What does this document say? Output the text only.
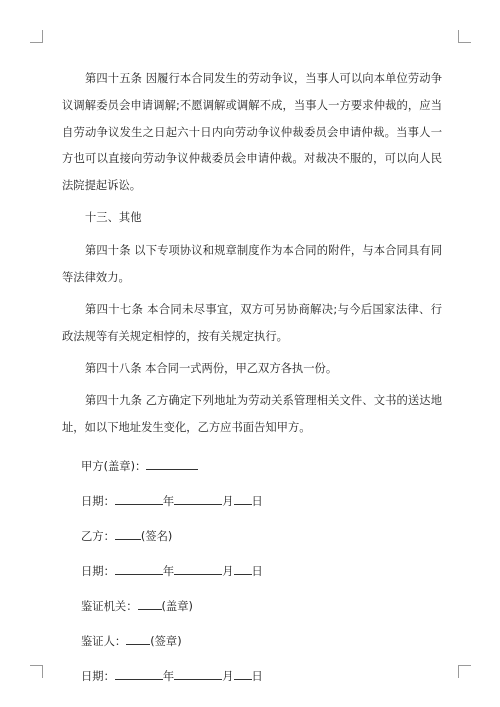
第四十五条 因履行本合同发生的劳动争议，当事人可以向本单位劳动争议调解委员会申请调解;不愿调解或调解不成，当事人一方要求仲裁的，应当自劳动争议发生之日起六十日内向劳动争议仲裁委员会申请仲裁。当事人一方也可以直接向劳动争议仲裁委员会申请仲裁。对裁决不服的，可以向人民法院提起诉讼。

十三、其他

第四十条 以下专项协议和规章制度作为本合同的附件，与本合同具有同等法律效力。

第四十七条 本合同未尽事宜，双方可另协商解决;与今后国家法律、行政法规等有关规定相悖的，按有关规定执行。

第四十八条 本合同一式两份，甲乙双方各执一份。

第四十九条 乙方确定下列地址为劳动关系管理相关文件、文书的送达地址，如以下地址发生变化，乙方应书面告知甲方。

甲方(盖章)：
日期：	年	月 日
乙方： (签名)
日期：	年	月 日
鉴证机关： (盖章)
鉴证人： (签章)
日期：	年	月 日
